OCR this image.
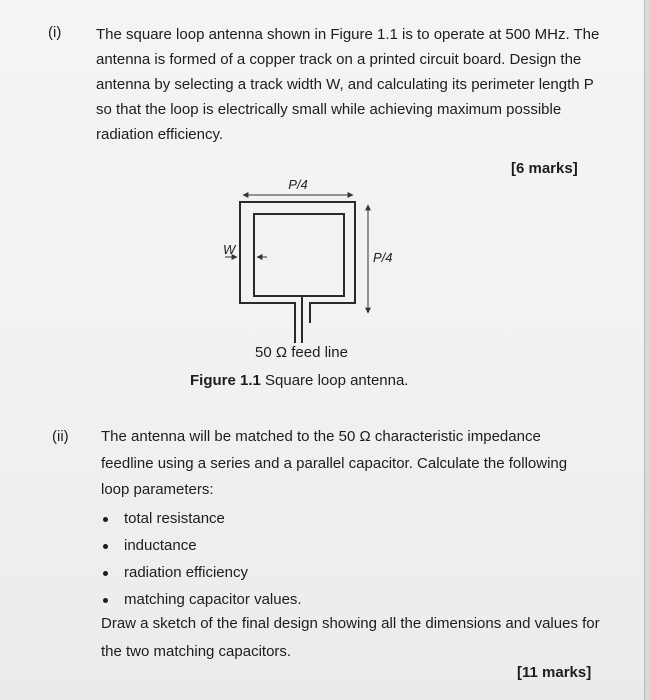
(i) The square loop antenna shown in Figure 1.1 is to operate at 500 MHz. The antenna is formed of a copper track on a printed circuit board. Design the antenna by selecting a track width W, and calculating its perimeter length P so that the loop is electrically small while achieving maximum possible radiation efficiency.

[6 marks]
P/4
P/4
W
50 Ω feed line
Figure 1.1 Square loop antenna.
(ii) The antenna will be matched to the 50 Ω characteristic impedance feedline using a series and a parallel capacitor. Calculate the following loop parameters:

total resistance
inductance
radiation efficiency
matching capacitor values.

Draw a sketch of the final design showing all the dimensions and values for the two matching capacitors.

[11 marks]
